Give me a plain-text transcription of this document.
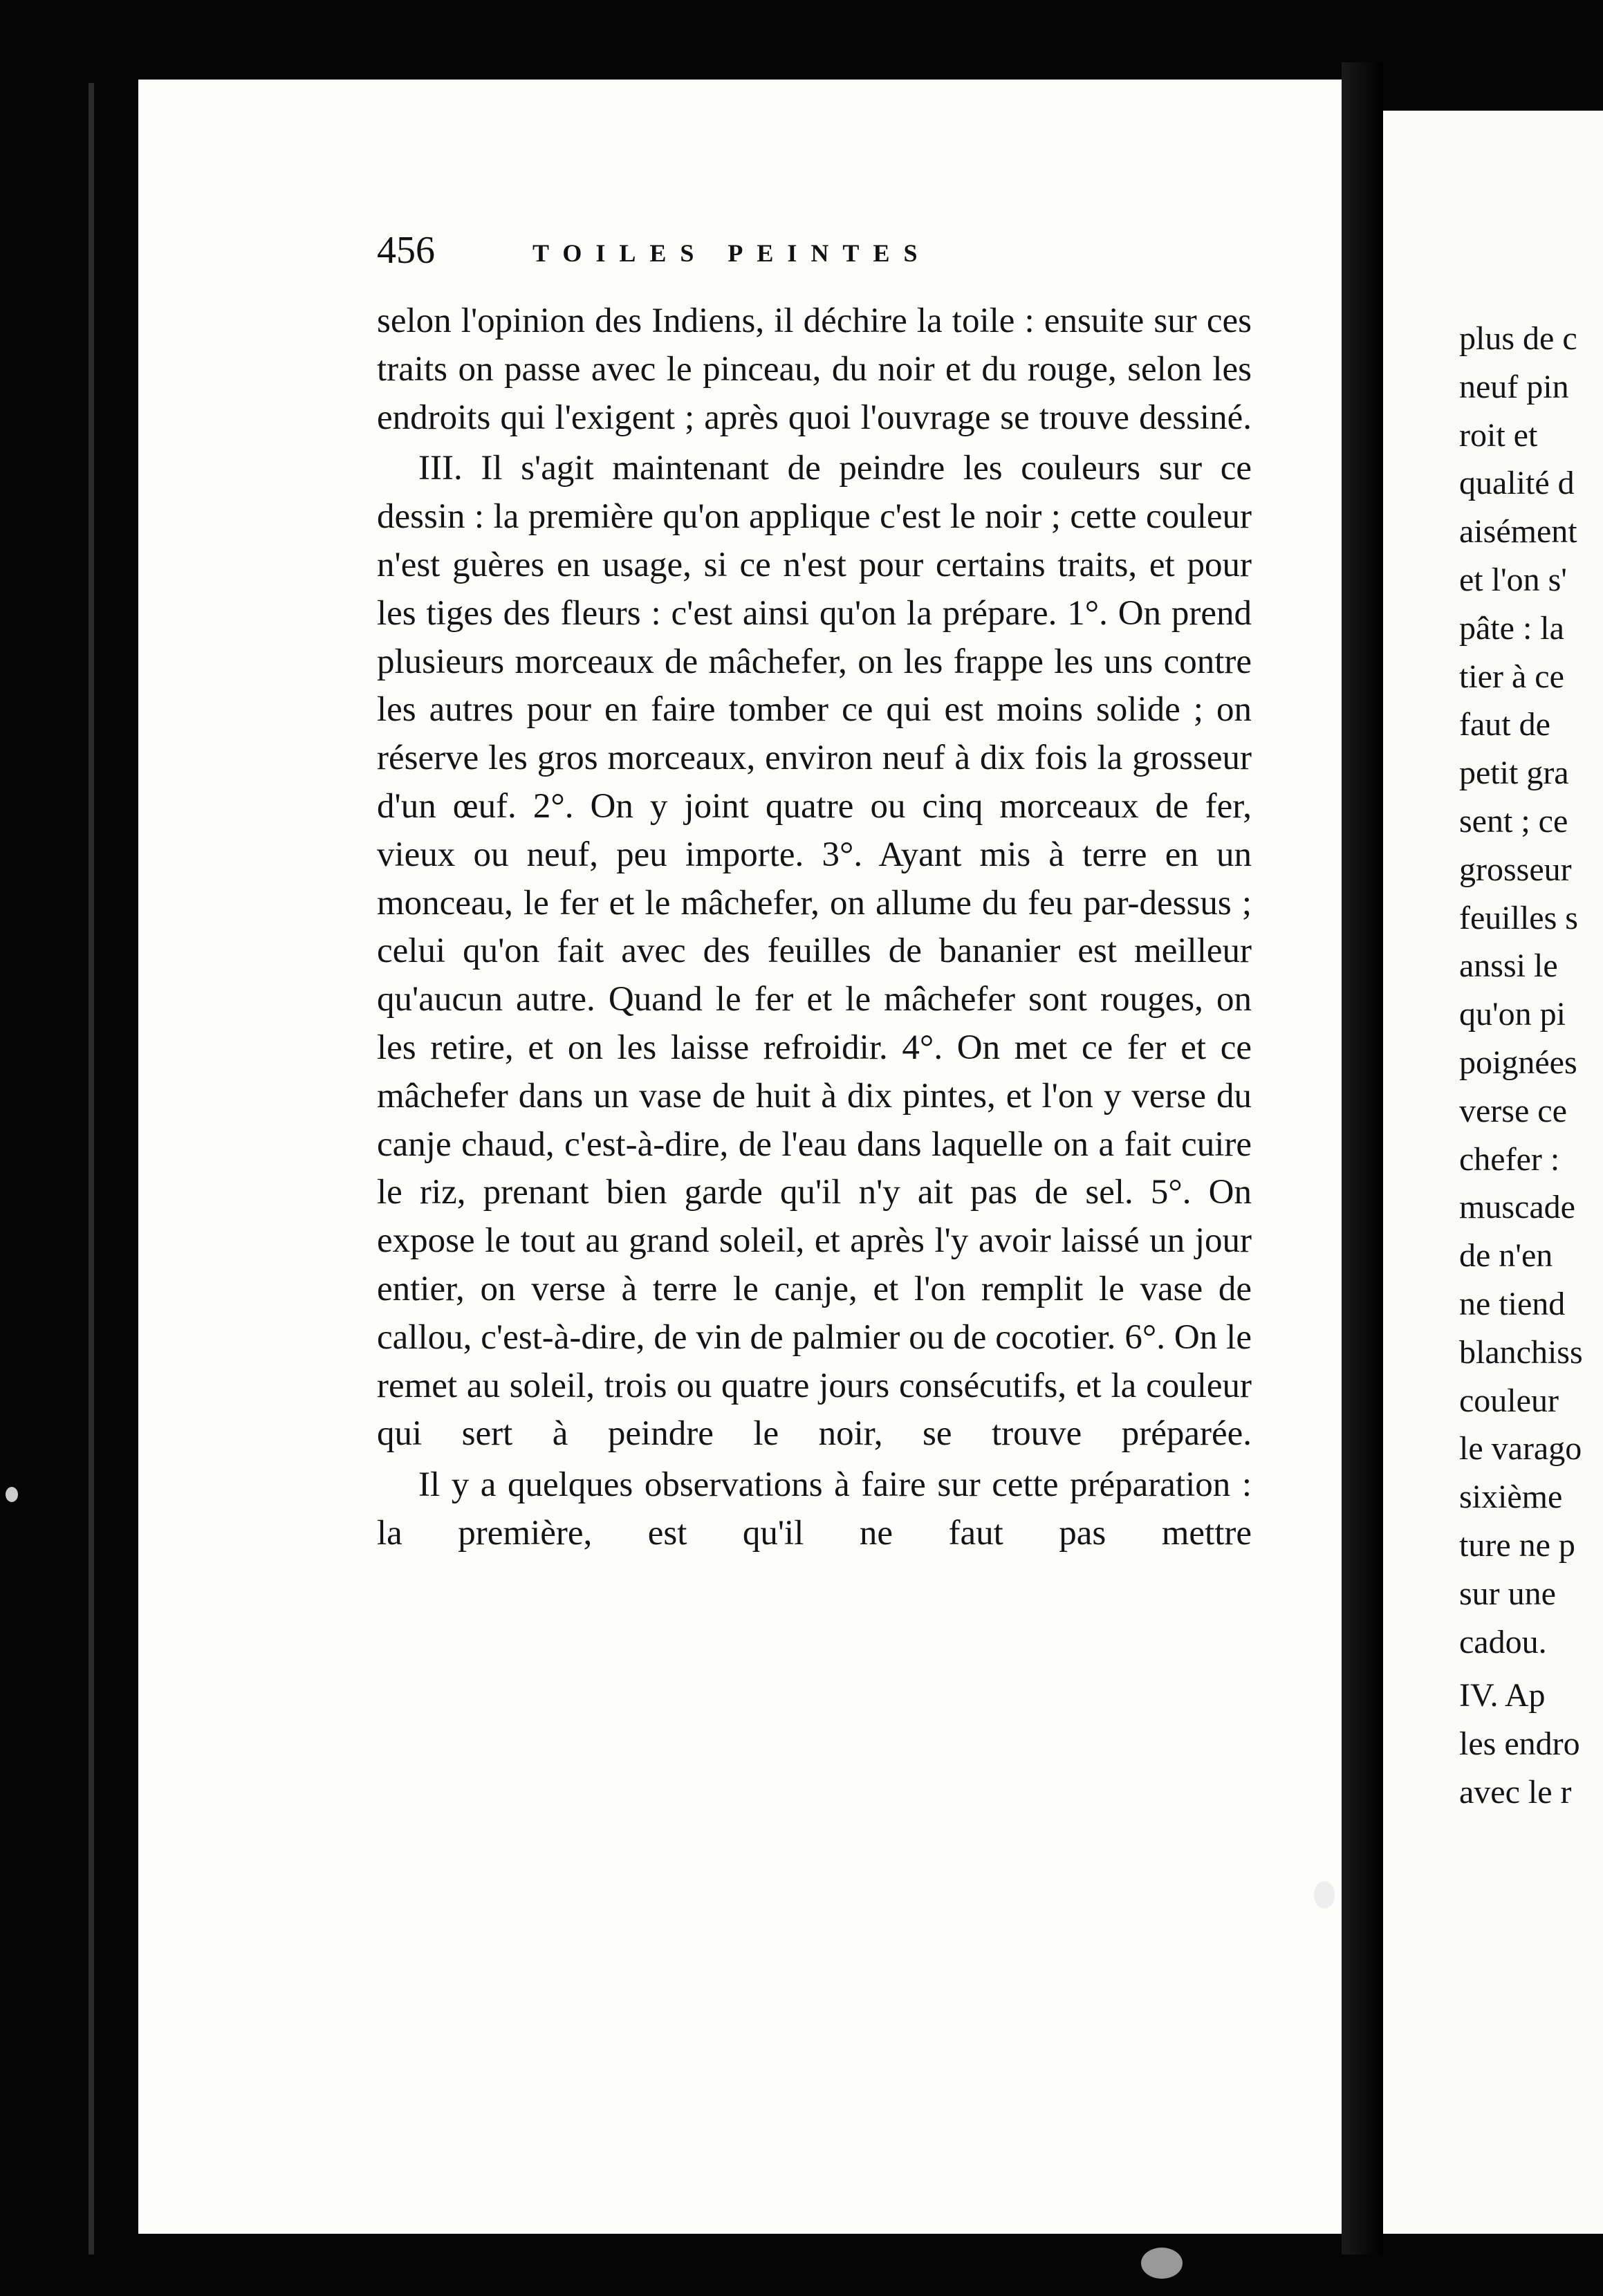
456	TOILES PEINTES

selon l'opinion des Indiens, il déchire la toile : ensuite sur ces traits on passe avec le pinceau, du noir et du rouge, selon les endroits qui l'exigent ; après quoi l'ouvrage se trouve dessiné.

III. Il s'agit maintenant de peindre les couleurs sur ce dessin : la première qu'on applique c'est le noir ; cette couleur n'est guères en usage, si ce n'est pour certains traits, et pour les tiges des fleurs : c'est ainsi qu'on la prépare. 1°. On prend plusieurs morceaux de mâchefer, on les frappe les uns contre les autres pour en faire tomber ce qui est moins solide ; on réserve les gros morceaux, environ neuf à dix fois la grosseur d'un œuf. 2°. On y joint quatre ou cinq morceaux de fer, vieux ou neuf, peu importe. 3°. Ayant mis à terre en un monceau, le fer et le mâchefer, on allume du feu par-dessus ; celui qu'on fait avec des feuilles de bananier est meilleur qu'aucun autre. Quand le fer et le mâchefer sont rouges, on les retire, et on les laisse refroidir. 4°. On met ce fer et ce mâchefer dans un vase de huit à dix pintes, et l'on y verse du canje chaud, c'est-à-dire, de l'eau dans laquelle on a fait cuire le riz, prenant bien garde qu'il n'y ait pas de sel. 5°. On expose le tout au grand soleil, et après l'y avoir laissé un jour entier, on verse à terre le canje, et l'on remplit le vase de callou, c'est-à-dire, de vin de palmier ou de cocotier. 6°. On le remet au soleil, trois ou quatre jours consécutifs, et la couleur qui sert à peindre le noir, se trouve préparée.

Il y a quelques observations à faire sur cette préparation : la première, est qu'il ne faut pas mettre

plus de c
neuf pin
roit et
qualité d
aisément
et l'on s'
pâte : la
tier à ce
faut de
petit gra
sent ; ce
grosseur
feuilles s
anssi le
qu'on pi
poignées
verse ce
chefer :
muscade
de n'en
ne tiend
blanchiss
couleur
le varago
sixième
ture ne p
sur une
cadou.
IV. Ap
les endro
avec le r
